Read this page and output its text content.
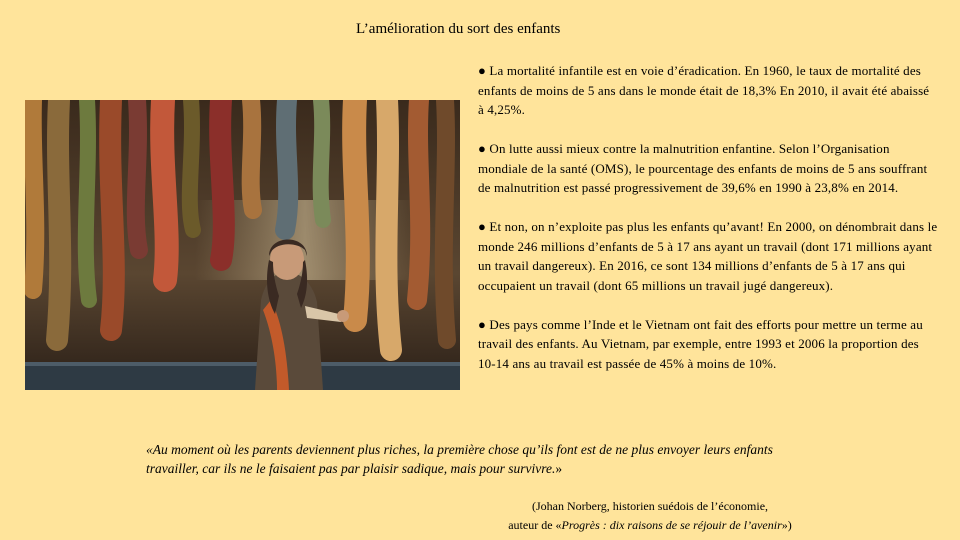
L’amélioration du sort des enfants

● La mortalité infantile est en voie d’éradication. En 1960, le taux de mortalité des enfants de moins de 5 ans dans le monde était de 18,3% En 2010, il avait été abaissé à 4,25%.

● On lutte aussi mieux contre la malnutrition enfantine. Selon l’Organisation mondiale de la santé (OMS), le pourcentage des enfants de moins de 5 ans souffrant de malnutrition est passé progressivement de 39,6% en 1990 à 23,8% en 2014.

● Et non, on n’exploite pas plus les enfants qu’avant! En 2000, on dénombrait dans le monde 246 millions d’enfants de 5 à 17 ans ayant un travail (dont 171 millions ayant un travail dangereux). En 2016, ce sont 134 millions d’enfants de 5 à 17 ans qui occupaient un travail (dont 65 millions un travail jugé dangereux).

● Des pays comme l’Inde et le Vietnam ont fait des efforts pour mettre un terme au travail des enfants. Au Vietnam, par exemple, entre 1993 et 2006 la proportion des 10-14 ans au travail est passée de 45% à moins de 10%.

«Au moment où les parents deviennent plus riches, la première chose qu’ils font est de ne plus envoyer leurs enfants travailler, car ils ne le faisaient pas par plaisir sadique, mais pour survivre.»
(Johan Norberg, historien suédois de l’économie,
auteur de «Progrès : dix raisons de se réjouir de l’avenir»)
